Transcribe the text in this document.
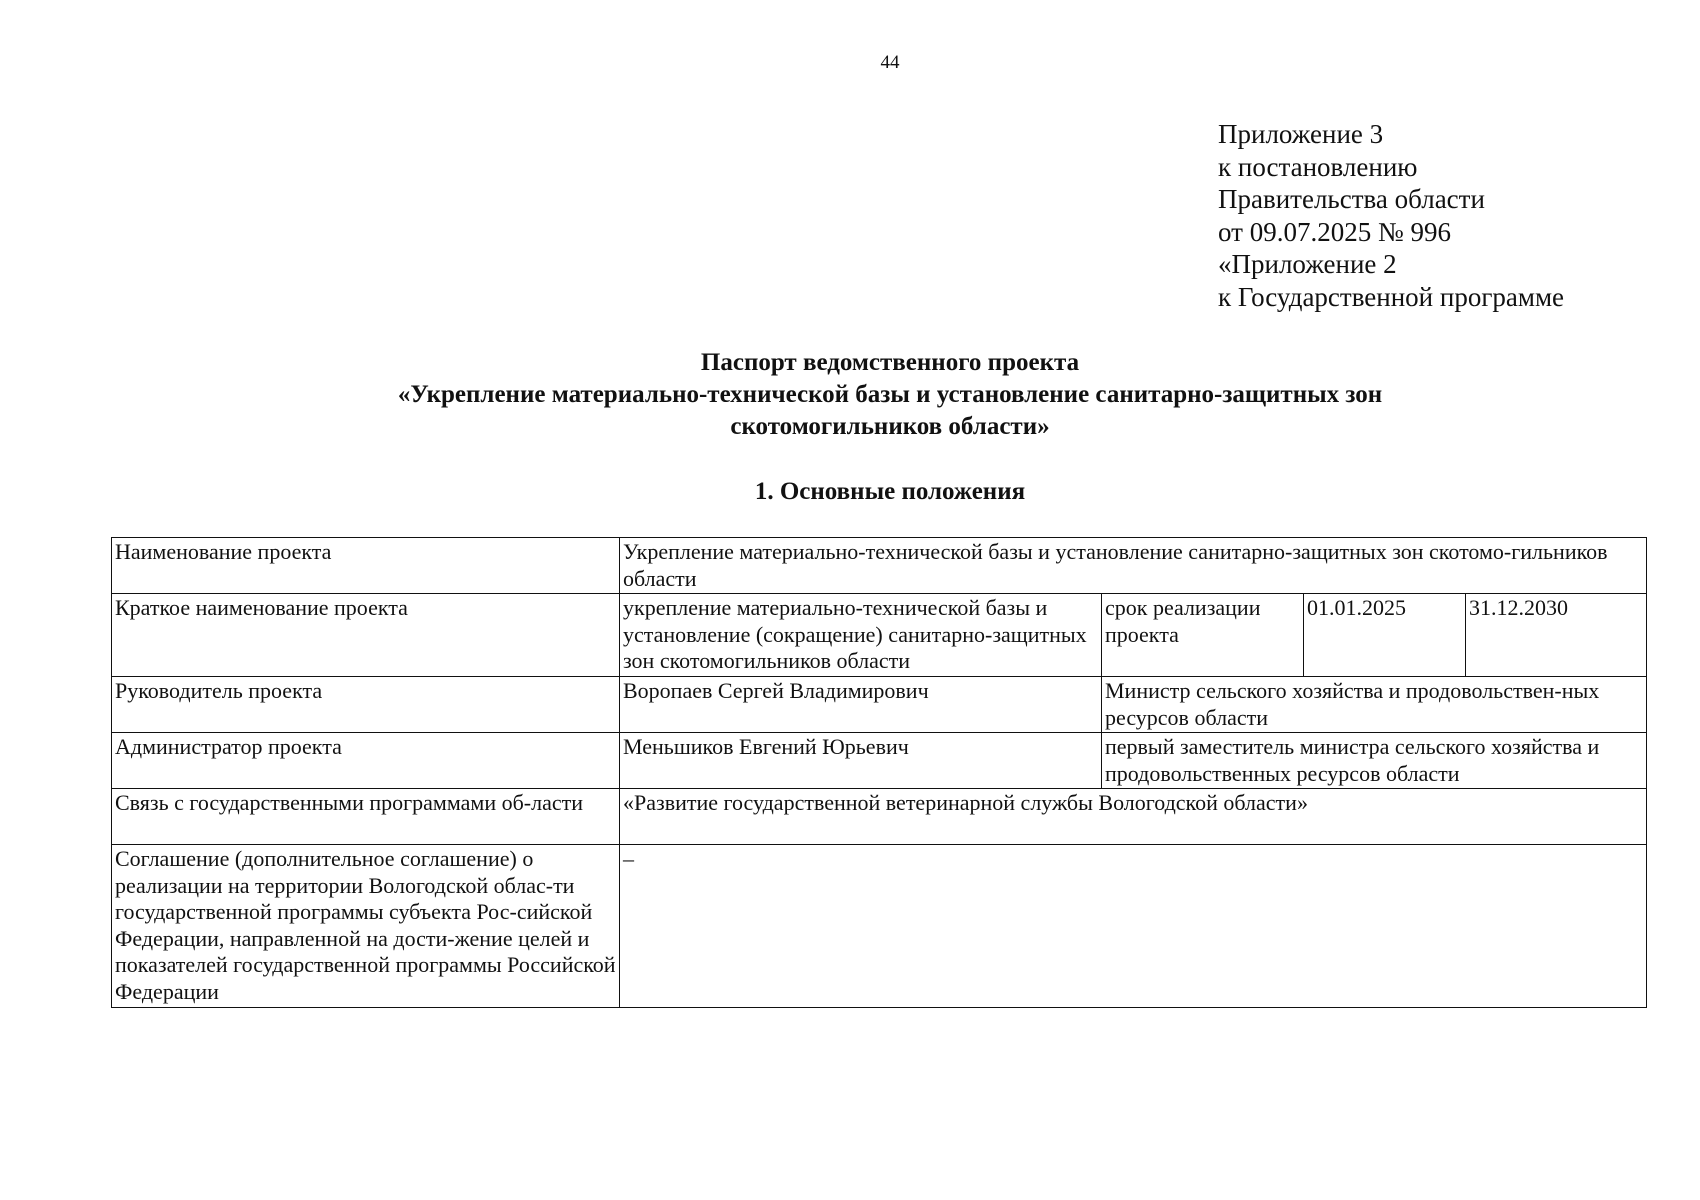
44
Приложение 3
к постановлению
Правительства области
от 09.07.2025 № 996
«Приложение 2
к Государственной программе
Паспорт ведомственного проекта
«Укрепление материально-технической базы и установление санитарно-защитных зон
скотомогильников области»
1. Основные положения
Наименование проекта	Укрепление материально-технической базы и установление санитарно-защитных зон скотомо-гильников области			
Краткое наименование проекта	укрепление материально-технической базы и установление (сокращение) санитарно-защитных зон скотомогильников области	срок реализации проекта	01.01.2025	31.12.2030
Руководитель проекта	Воропаев Сергей Владимирович	Министр сельского хозяйства и продовольствен-ных ресурсов области		
Администратор проекта	Меньшиков Евгений Юрьевич	первый заместитель министра сельского хозяйства и продовольственных ресурсов области		
Связь с государственными программами об-ласти	«Развитие государственной ветеринарной службы Вологодской области»			
Соглашение (дополнительное соглашение) о реализации на территории Вологодской облас-ти государственной программы субъекта Рос-сийской Федерации, направленной на дости-жение целей и показателей государственной программы Российской Федерации	–			
